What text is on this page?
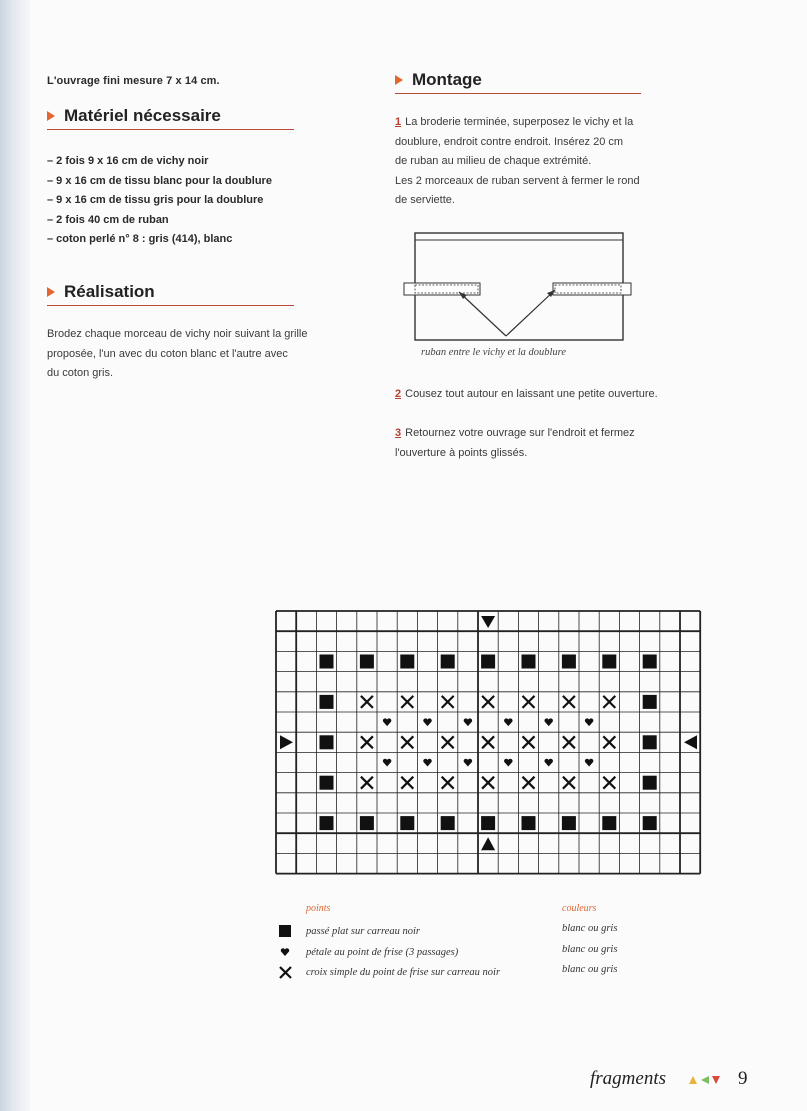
L'ouvrage fini mesure 7 x 14 cm.
Matériel nécessaire
– 2 fois 9 x 16 cm de vichy noir
– 9 x 16 cm de tissu blanc pour la doublure
– 9 x 16 cm de tissu gris pour la doublure
– 2 fois 40 cm de ruban
– coton perlé n° 8 : gris (414), blanc
Réalisation
Brodez chaque morceau de vichy noir suivant la grille
proposée, l'un avec du coton blanc et l'autre avec
du coton gris.
Montage
1 La broderie terminée, superposez le vichy et la
doublure, endroit contre endroit. Insérez 20 cm
de ruban au milieu de chaque extrémité.
Les 2 morceaux de ruban servent à fermer le rond
de serviette.
ruban entre le vichy et la doublure
2 Cousez tout autour en laissant une petite ouverture.
3 Retournez votre ouvrage sur l'endroit et fermez
l'ouverture à points glissés.
points	couleurs
passé plat sur carreau noir	blanc ou gris
pétale au point de frise (3 passages)	blanc ou gris
croix simple du point de frise sur carreau noir	blanc ou gris
fragments	9
